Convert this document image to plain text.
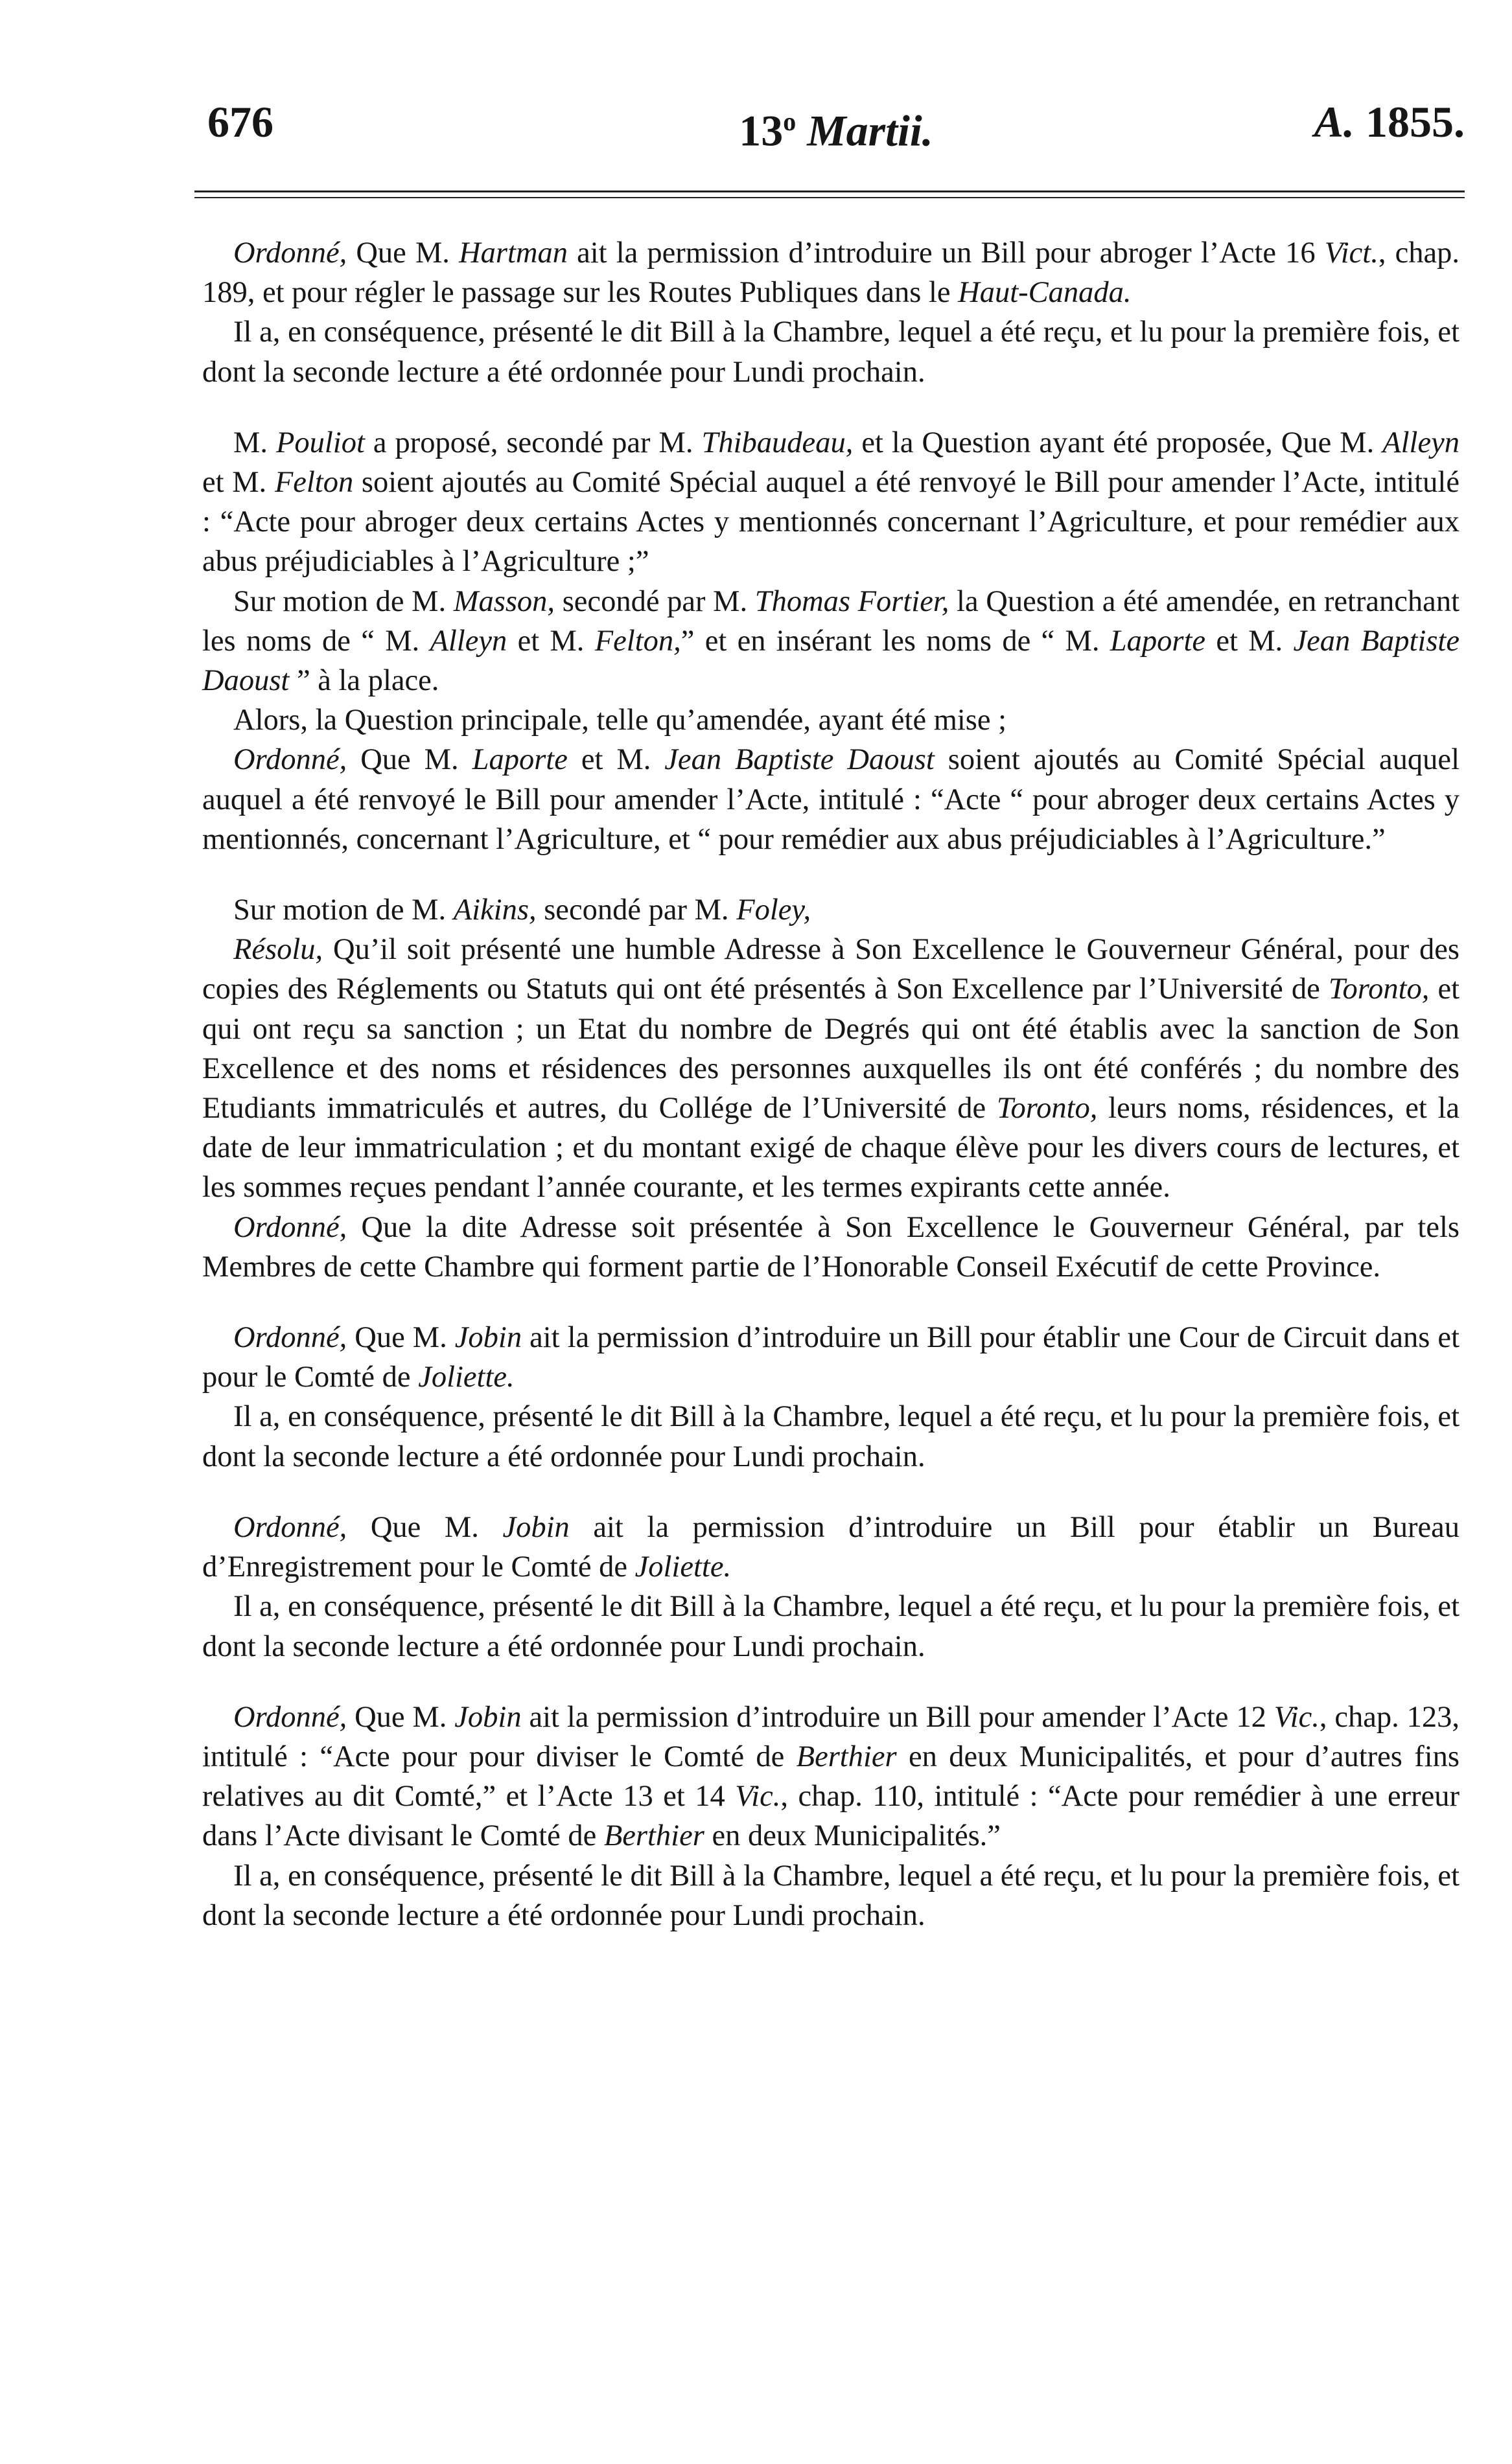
676	13$^o$ Martii.	A. 1855.

Ordonné, Que M. Hartman ait la permission d’introduire un Bill pour abroger l’Acte 16 Vict., chap. 189, et pour régler le passage sur les Routes Publiques dans le Haut-Canada.

Il a, en conséquence, présenté le dit Bill à la Chambre, lequel a été reçu, et lu pour la première fois, et dont la seconde lecture a été ordonnée pour Lundi prochain.

M. Pouliot a proposé, secondé par M. Thibaudeau, et la Question ayant été proposée, Que M. Alleyn et M. Felton soient ajoutés au Comité Spécial auquel a été renvoyé le Bill pour amender l’Acte, intitulé : “Acte pour abroger deux certains Actes y mentionnés concernant l’Agriculture, et pour remédier aux abus préjudiciables à l’Agriculture ;”

Sur motion de M. Masson, secondé par M. Thomas Fortier, la Question a été amendée, en retranchant les noms de “ M. Alleyn et M. Felton,” et en insérant les noms de “ M. Laporte et M. Jean Baptiste Daoust ” à la place.

Alors, la Question principale, telle qu’amendée, ayant été mise ;

Ordonné, Que M. Laporte et M. Jean Baptiste Daoust soient ajoutés au Comité Spécial auquel auquel a été renvoyé le Bill pour amender l’Acte, intitulé : “Acte “ pour abroger deux certains Actes y mentionnés, concernant l’Agriculture, et “ pour remédier aux abus préjudiciables à l’Agriculture.”

Sur motion de M. Aikins, secondé par M. Foley,

Résolu, Qu’il soit présenté une humble Adresse à Son Excellence le Gouverneur Général, pour des copies des Réglements ou Statuts qui ont été présentés à Son Excellence par l’Université de Toronto, et qui ont reçu sa sanction ; un Etat du nombre de Degrés qui ont été établis avec la sanction de Son Excellence et des noms et résidences des personnes auxquelles ils ont été conférés ; du nombre des Etudiants immatriculés et autres, du Collége de l’Université de Toronto, leurs noms, résidences, et la date de leur immatriculation ; et du montant exigé de chaque élève pour les divers cours de lectures, et les sommes reçues pendant l’année courante, et les termes expirants cette année.

Ordonné, Que la dite Adresse soit présentée à Son Excellence le Gouverneur Général, par tels Membres de cette Chambre qui forment partie de l’Honorable Conseil Exécutif de cette Province.

Ordonné, Que M. Jobin ait la permission d’introduire un Bill pour établir une Cour de Circuit dans et pour le Comté de Joliette.

Il a, en conséquence, présenté le dit Bill à la Chambre, lequel a été reçu, et lu pour la première fois, et dont la seconde lecture a été ordonnée pour Lundi prochain.

Ordonné, Que M. Jobin ait la permission d’introduire un Bill pour établir un Bureau d’Enregistrement pour le Comté de Joliette.

Il a, en conséquence, présenté le dit Bill à la Chambre, lequel a été reçu, et lu pour la première fois, et dont la seconde lecture a été ordonnée pour Lundi prochain.

Ordonné, Que M. Jobin ait la permission d’introduire un Bill pour amender l’Acte 12 Vic., chap. 123, intitulé : “Acte pour pour diviser le Comté de Berthier en deux Municipalités, et pour d’autres fins relatives au dit Comté,” et l’Acte 13 et 14 Vic., chap. 110, intitulé : “Acte pour remédier à une erreur dans l’Acte divisant le Comté de Berthier en deux Municipalités.”

Il a, en conséquence, présenté le dit Bill à la Chambre, lequel a été reçu, et lu pour la première fois, et dont la seconde lecture a été ordonnée pour Lundi prochain.
